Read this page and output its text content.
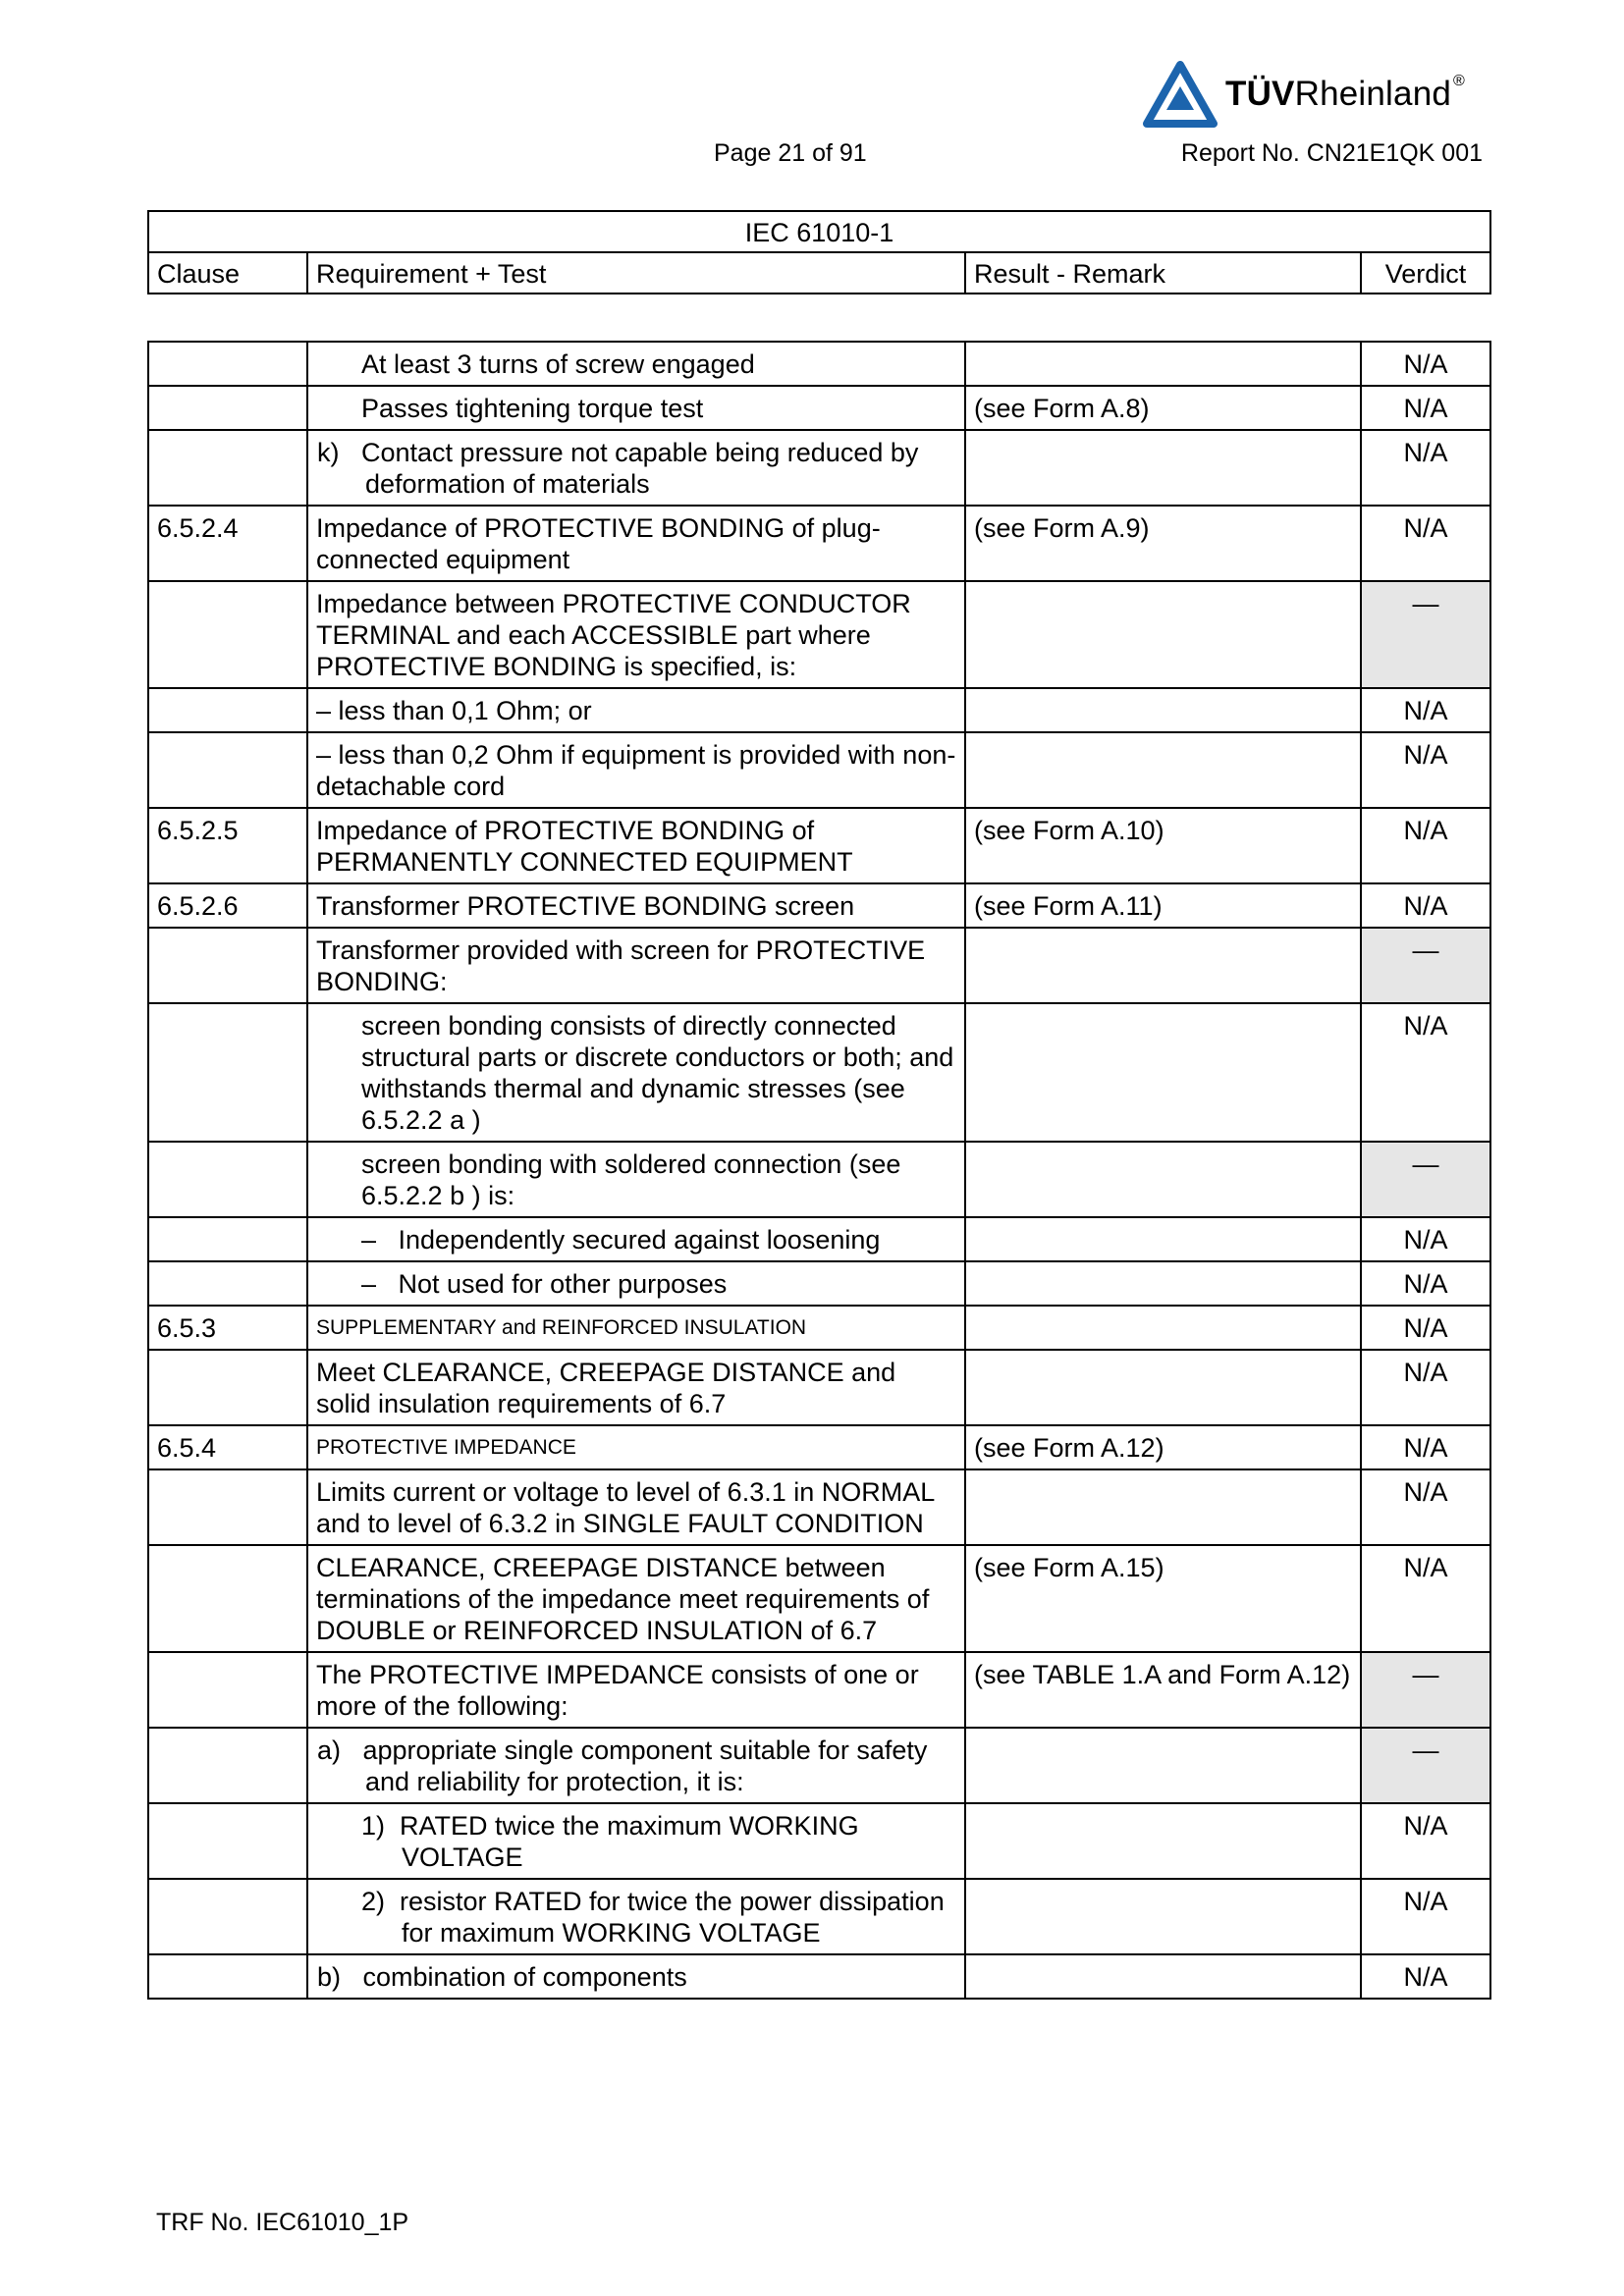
TÜVRheinland ®
Page 21 of 91	Report No. CN21E1QK 001
IEC 61010-1
Clause	Requirement + Test	Result - Remark	Verdict
	At least 3 turns of screw engaged		N/A
	Passes tightening torque test	(see Form A.8)	N/A
	k)   Contact pressure not capable being reduced by deformation of materials		N/A
6.5.2.4	Impedance of PROTECTIVE BONDING of plug-connected equipment	(see Form A.9)	N/A
	Impedance between PROTECTIVE CONDUCTOR TERMINAL and each ACCESSIBLE part where PROTECTIVE BONDING is specified, is:		—
	– less than 0,1 Ohm; or		N/A
	– less than 0,2 Ohm if equipment is provided with non-detachable cord		N/A
6.5.2.5	Impedance of PROTECTIVE BONDING of PERMANENTLY CONNECTED EQUIPMENT	(see Form A.10)	N/A
6.5.2.6	Transformer PROTECTIVE BONDING screen	(see Form A.11)	N/A
	Transformer provided with screen for PROTECTIVE BONDING:		—
	screen bonding consists of directly connected structural parts or discrete conductors or both; and withstands thermal and dynamic stresses (see 6.5.2.2 a )		N/A
	screen bonding with soldered connection (see 6.5.2.2 b ) is:		—
	–   Independently secured against loosening		N/A
	–   Not used for other purposes		N/A
6.5.3	SUPPLEMENTARY and REINFORCED INSULATION		N/A
	Meet CLEARANCE, CREEPAGE DISTANCE and solid insulation requirements of 6.7		N/A
6.5.4	PROTECTIVE IMPEDANCE	(see Form A.12)	N/A
	Limits current or voltage to level of 6.3.1 in NORMAL and to level of 6.3.2 in SINGLE FAULT CONDITION		N/A
	CLEARANCE, CREEPAGE DISTANCE between terminations of the impedance meet requirements of DOUBLE or REINFORCED INSULATION of 6.7	(see Form A.15)	N/A
	The PROTECTIVE IMPEDANCE consists of one or more of the following:	(see TABLE 1.A and Form A.12)	—
	a)   appropriate single component suitable for safety and reliability for protection, it is:		—
	1)  RATED twice the maximum WORKING VOLTAGE		N/A
	2)  resistor RATED for twice the power dissipation for maximum WORKING VOLTAGE		N/A
	b)   combination of components		N/A
TRF No. IEC61010_1P
